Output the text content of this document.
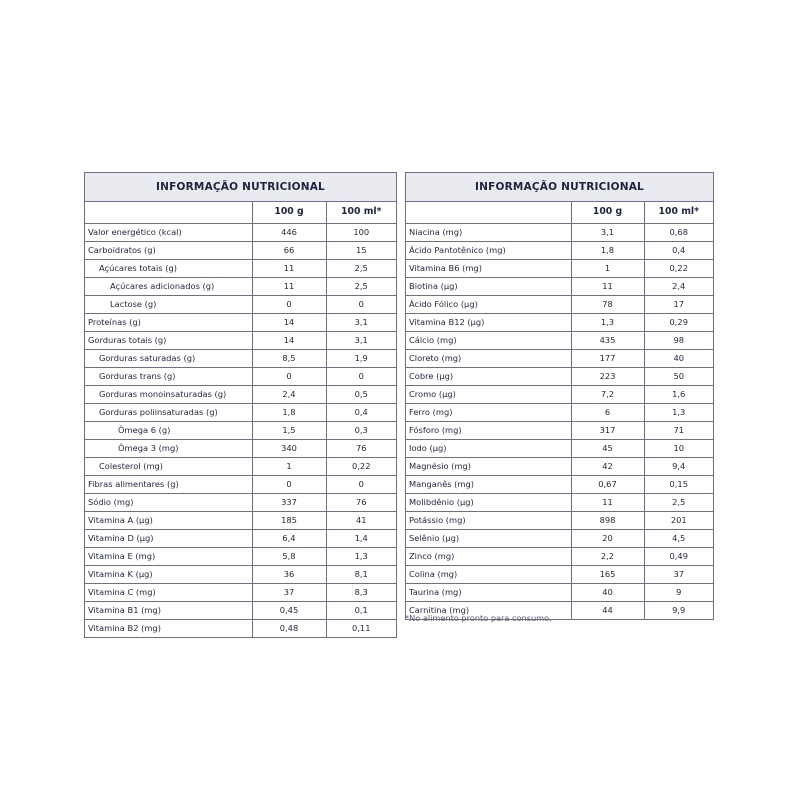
INFORMAÇÃO NUTRICIONAL
	100 g	100 ml*
Valor energético (kcal)	446	100
Carboidratos (g)	66	15
Açúcares totais (g)	11	2,5
Açúcares adicionados (g)	11	2,5
Lactose (g)	0	0
Proteínas (g)	14	3,1
Gorduras totais (g)	14	3,1
Gorduras saturadas (g)	8,5	1,9
Gorduras trans (g)	0	0
Gorduras monoinsaturadas (g)	2,4	0,5
Gorduras poliinsaturadas (g)	1,8	0,4
Ômega 6 (g)	1,5	0,3
Ômega 3 (mg)	340	76
Colesterol (mg)	1	0,22
Fibras alimentares (g)	0	0
Sódio (mg)	337	76
Vitamina A (µg)	185	41
Vitamina D (µg)	6,4	1,4
Vitamina E (mg)	5,8	1,3
Vitamina K (µg)	36	8,1
Vitamina C (mg)	37	8,3
Vitamina B1 (mg)	0,45	0,1
Vitamina B2 (mg)	0,48	0,11
INFORMAÇÃO NUTRICIONAL
	100 g	100 ml*
Niacina (mg)	3,1	0,68
Ácido Pantotênico (mg)	1,8	0,4
Vitamina B6 (mg)	1	0,22
Biotina (µg)	11	2,4
Ácido Fólico (µg)	78	17
Vitamina B12 (µg)	1,3	0,29
Cálcio (mg)	435	98
Cloreto (mg)	177	40
Cobre (µg)	223	50
Cromo (µg)	7,2	1,6
Ferro (mg)	6	1,3
Fósforo (mg)	317	71
Iodo (µg)	45	10
Magnésio (mg)	42	9,4
Manganês (mg)	0,67	0,15
Molibdênio (µg)	11	2,5
Potássio (mg)	898	201
Selênio (µg)	20	4,5
Zinco (mg)	2,2	0,49
Colina (mg)	165	37
Taurina (mg)	40	9
Carnitina (mg)	44	9,9
*No alimento pronto para consumo.
